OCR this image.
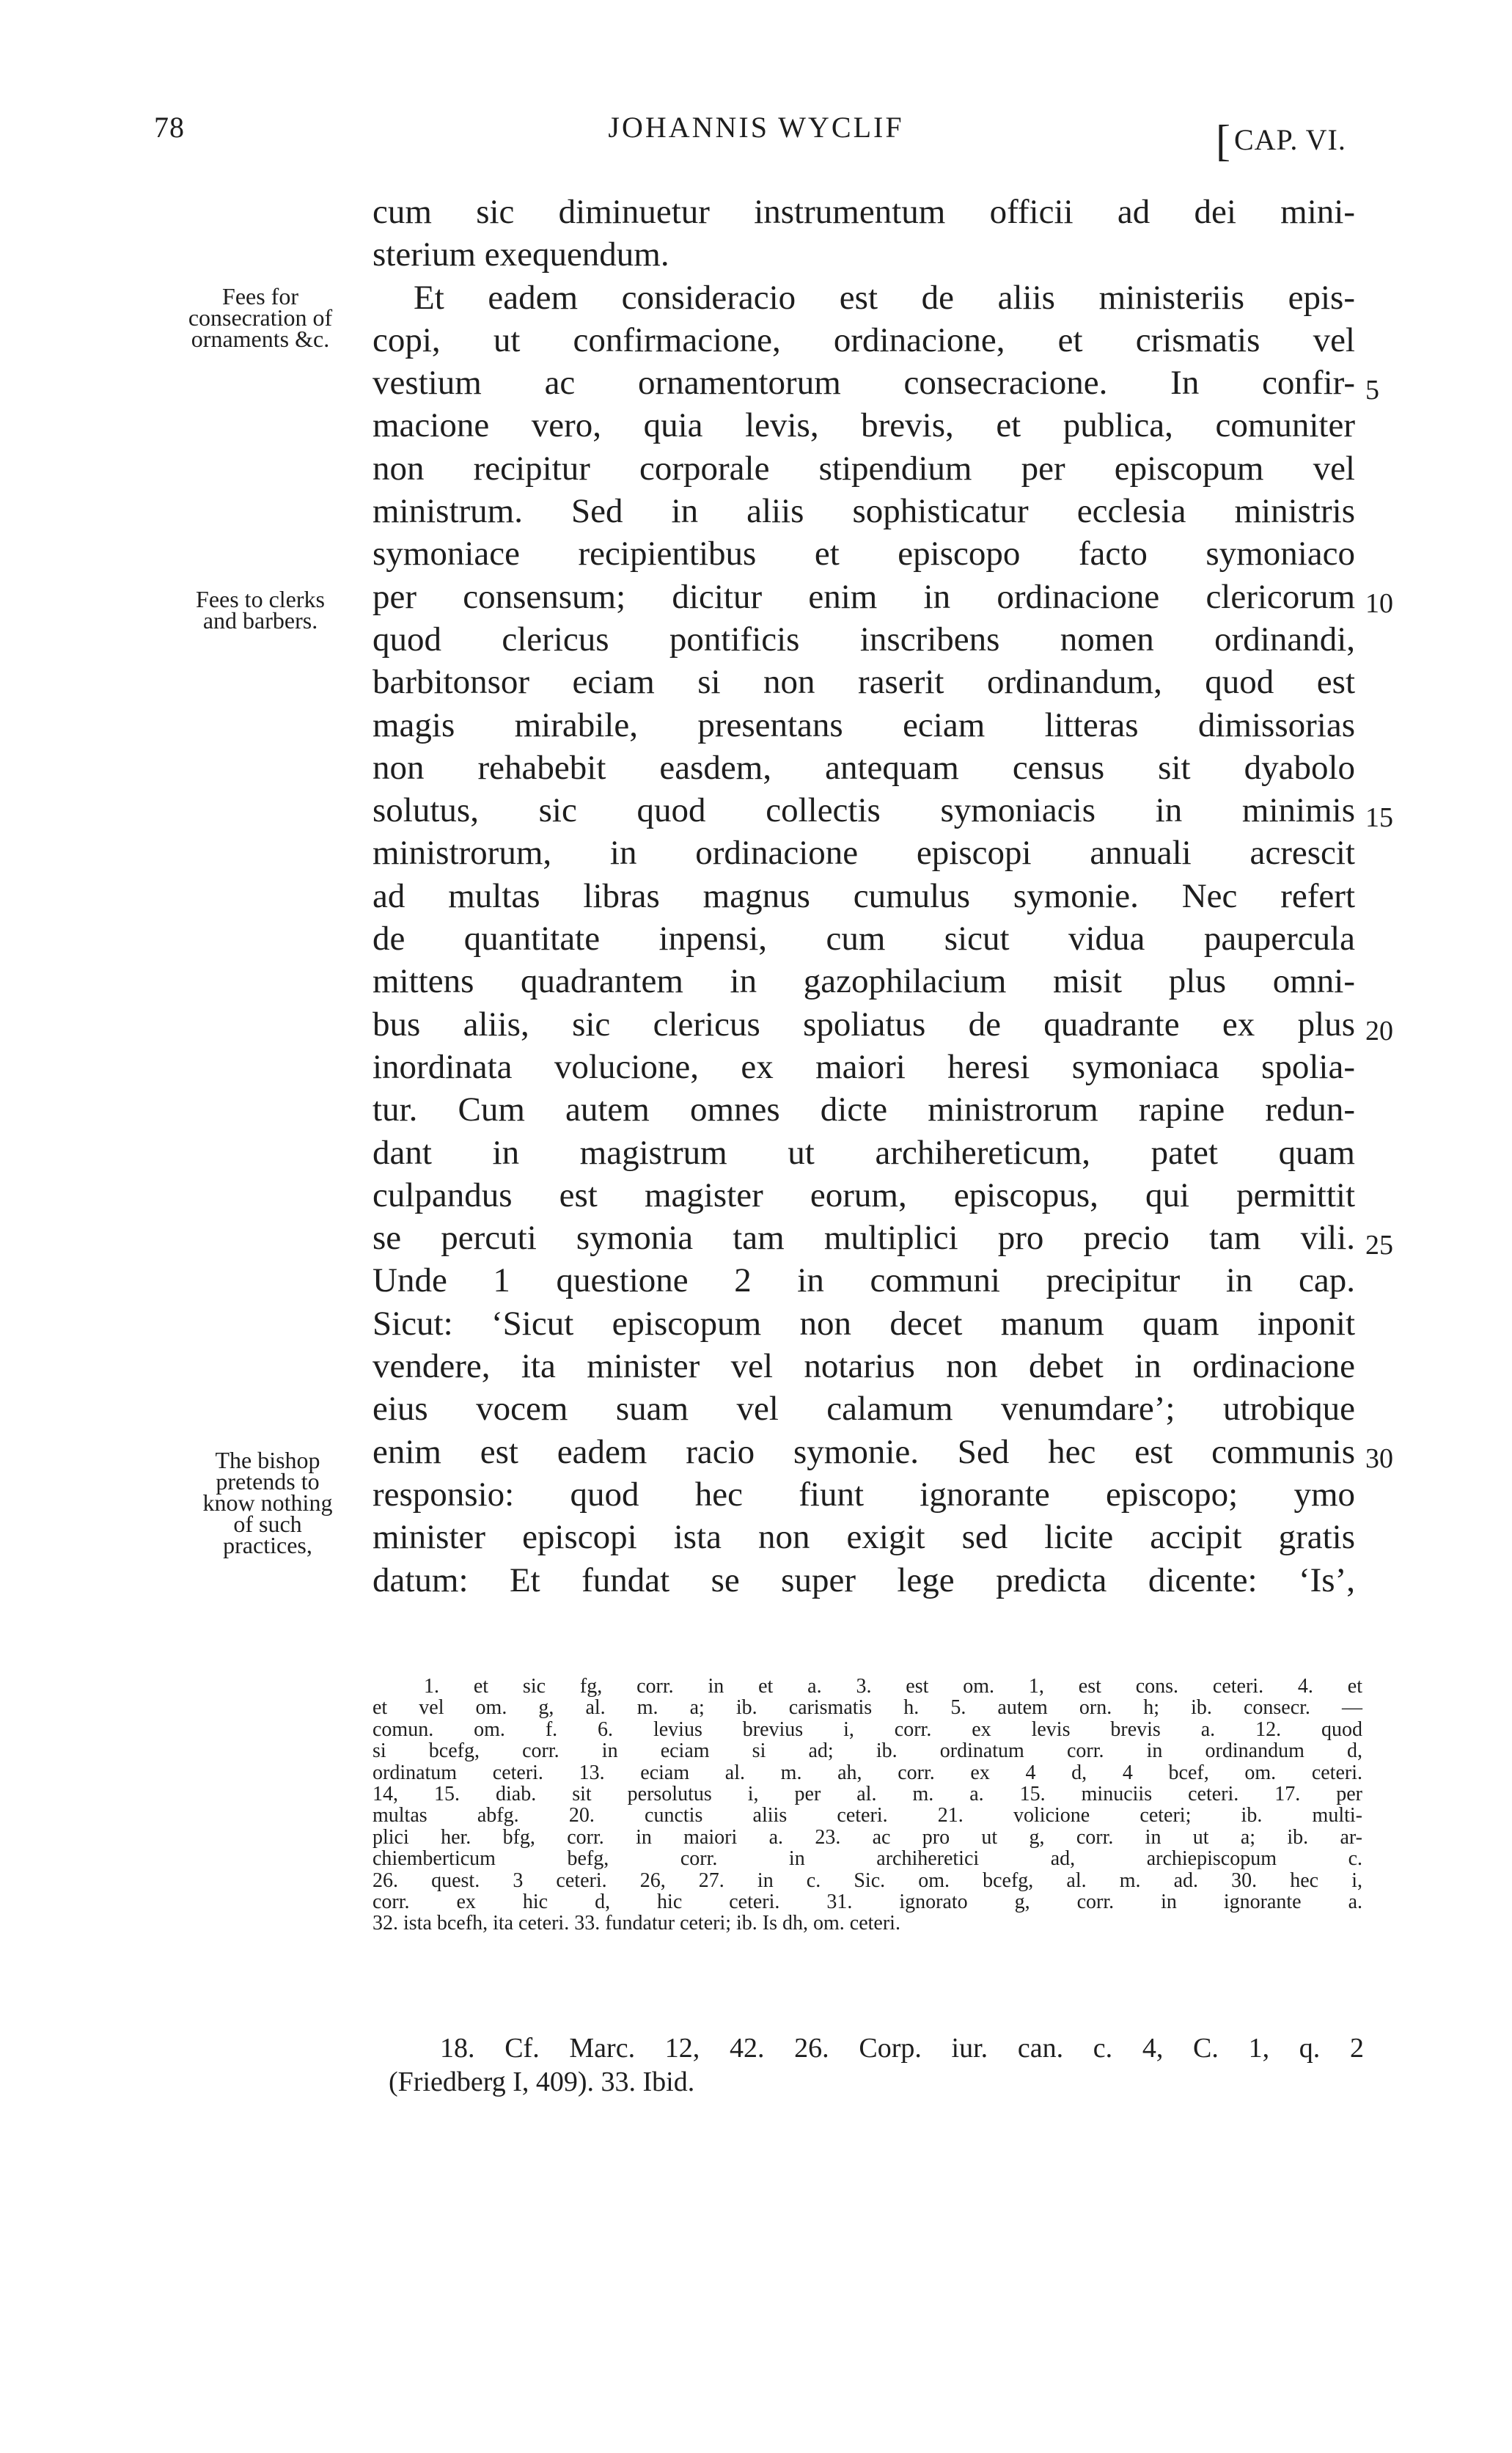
78	JOHANNIS WYCLIF	[ CAP. VI.
Fees for
consecration of
ornaments &c.
Fees to clerks
and barbers.
The bishop
pretends to
know nothing
of such
practices,
cum sic diminuetur instrumentum officii ad dei mini-
sterium exequendum.
Et eadem consideracio est de aliis ministeriis epis-
copi, ut confirmacione, ordinacione, et crismatis vel
vestium ac ornamentorum consecracione. In confir-
macione vero, quia levis, brevis, et publica, comuniter
non recipitur corporale stipendium per episcopum vel
ministrum. Sed in aliis sophisticatur ecclesia ministris
symoniace recipientibus et episcopo facto symoniaco
per consensum; dicitur enim in ordinacione clericorum
quod clericus pontificis inscribens nomen ordinandi,
barbitonsor eciam si non raserit ordinandum, quod est
magis mirabile, presentans eciam litteras dimissorias
non rehabebit easdem, antequam census sit dyabolo
solutus, sic quod collectis symoniacis in minimis
ministrorum, in ordinacione episcopi annuali acrescit
ad multas libras magnus cumulus symonie. Nec refert
de quantitate inpensi, cum sicut vidua paupercula
mittens quadrantem in gazophilacium misit plus omni-
bus aliis, sic clericus spoliatus de quadrante ex plus
inordinata volucione, ex maiori heresi symoniaca spolia-
tur. Cum autem omnes dicte ministrorum rapine redun-
dant in magistrum ut archihereticum, patet quam
culpandus est magister eorum, episcopus, qui permittit
se percuti symonia tam multiplici pro precio tam vili.
Unde 1 questione 2 in communi precipitur in cap.
Sicut: ‘Sicut episcopum non decet manum quam inponit
vendere, ita minister vel notarius non debet in ordinacione
eius vocem suam vel calamum venumdare’; utrobique
enim est eadem racio symonie. Sed hec est communis
responsio: quod hec fiunt ignorante episcopo; ymo
minister episcopi ista non exigit sed licite accipit gratis
datum: Et fundat se super lege predicta dicente: ‘Is’,
5
10
15
20
25
30
1. et sic fg, corr. in et a. 3. est om. 1, est cons. ceteri. 4. et
et vel om. g, al. m. a; ib. carismatis h. 5. autem orn. h; ib. consecr. —
comun. om. f. 6. levius brevius i, corr. ex levis brevis a. 12. quod
si bcefg, corr. in eciam si ad; ib. ordinatum corr. in ordinandum d,
ordinatum ceteri. 13. eciam al. m. ah, corr. ex 4 d, 4 bcef, om. ceteri.
14, 15. diab. sit persolutus i, per al. m. a. 15. minuciis ceteri. 17. per
multas abfg. 20. cunctis aliis ceteri. 21. volicione ceteri; ib. multi-
plici her. bfg, corr. in maiori a. 23. ac pro ut g, corr. in ut a; ib. ar-
chiemberticum befg, corr. in archiheretici ad, archiepiscopum c.
26. quest. 3 ceteri. 26, 27. in c. Sic. om. bcefg, al. m. ad. 30. hec i,
corr. ex hic d, hic ceteri. 31. ignorato g, corr. in ignorante a.
32. ista bcefh, ita ceteri. 33. fundatur ceteri; ib. Is dh, om. ceteri.
18. Cf. Marc. 12, 42. 26. Corp. iur. can. c. 4, C. 1, q. 2
(Friedberg I, 409). 33. Ibid.
